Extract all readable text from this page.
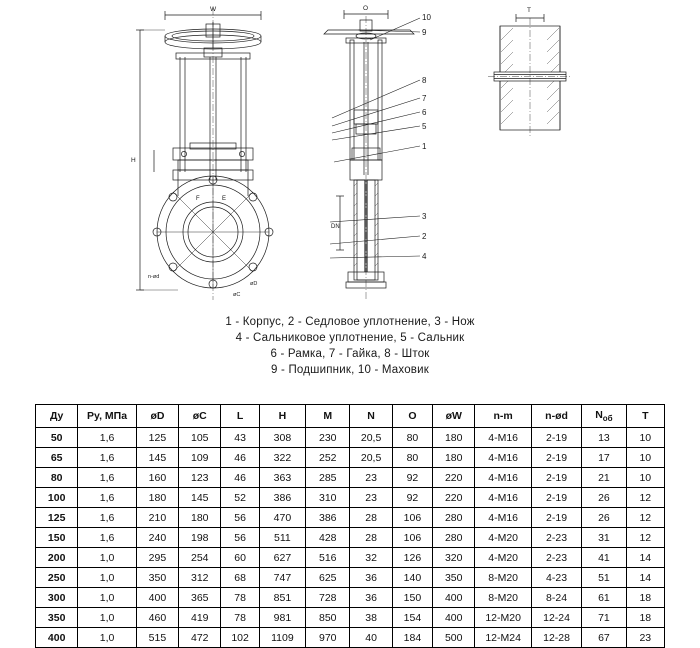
W
H
F	E
n-ød
øD
øC
O
DN
10
9
8
7
6
5
1
3
2
4
T
1 - Корпус, 2 - Седловое уплотнение, 3 - Нож
4 - Сальниковое уплотнение, 5 - Сальник
6 - Рамка, 7 - Гайка, 8 - Шток
9 - Подшипник, 10 - Маховик
Ду	Ру, МПа	øD	øC	L	H	M	N	O	øW	n-m	n-ød	$N_{об}$	T
50	1,6	125	105	43	308	230	20,5	80	180	4-М16	2-19	13	10
65	1,6	145	109	46	322	252	20,5	80	180	4-М16	2-19	17	10
80	1,6	160	123	46	363	285	23	92	220	4-М16	2-19	21	10
100	1,6	180	145	52	386	310	23	92	220	4-М16	2-19	26	12
125	1,6	210	180	56	470	386	28	106	280	4-М16	2-19	26	12
150	1,6	240	198	56	511	428	28	106	280	4-М20	2-23	31	12
200	1,0	295	254	60	627	516	32	126	320	4-М20	2-23	41	14
250	1,0	350	312	68	747	625	36	140	350	8-М20	4-23	51	14
300	1,0	400	365	78	851	728	36	150	400	8-М20	8-24	61	18
350	1,0	460	419	78	981	850	38	154	400	12-М20	12-24	71	18
400	1,0	515	472	102	1109	970	40	184	500	12-М24	12-28	67	23
